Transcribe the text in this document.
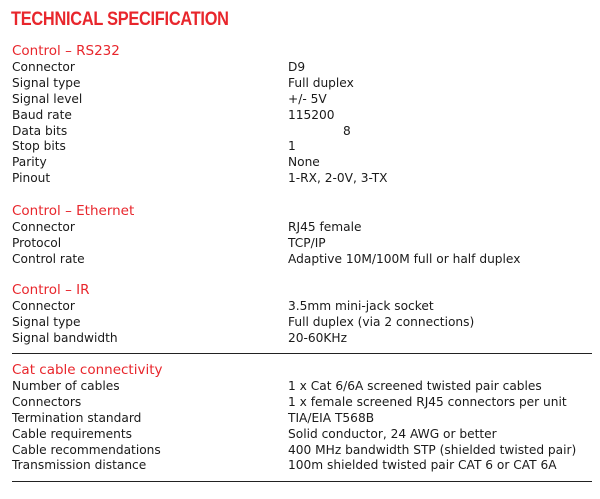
TECHNICAL SPECIFICATION
Control – RS232
Connector	D9
Signal type	Full duplex
Signal level	+/- 5V
Baud rate	115200
Data bits	8
Stop bits	1
Parity	None
Pinout	1-RX, 2-0V, 3-TX
Control – Ethernet
Connector	RJ45 female
Protocol	TCP/IP
Control rate	Adaptive 10M/100M full or half duplex
Control – IR
Connector	3.5mm mini-jack socket
Signal type	Full duplex (via 2 connections)
Signal bandwidth	20-60KHz
Cat cable connectivity
Number of cables	1 x Cat 6/6A screened twisted pair cables
Connectors	1 x female screened RJ45 connectors per unit
Termination standard	TIA/EIA T568B
Cable requirements	Solid conductor, 24 AWG or better
Cable recommendations	400 MHz bandwidth STP (shielded twisted pair)
Transmission distance	100m shielded twisted pair CAT 6 or CAT 6A
